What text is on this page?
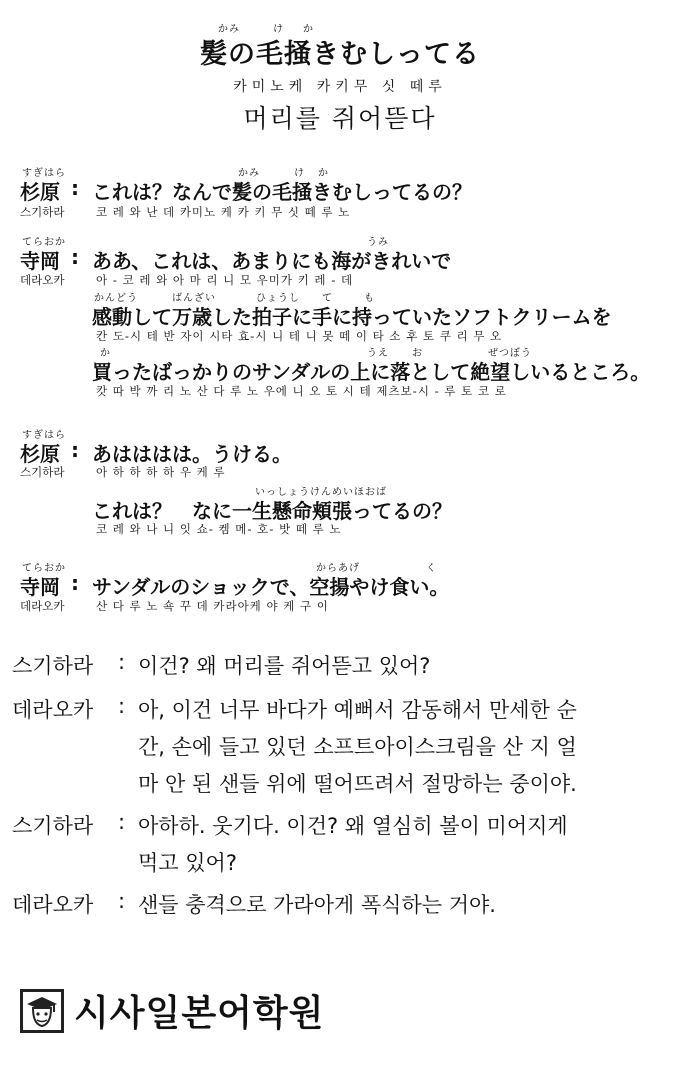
かみ	け か
髪の毛掻きむしってる
카미노케 카키무 싯 떼루
머리를 쥐어뜯다
すぎはら
杉原 :
스기하라
かみ	け か
これは？なんで髪の毛掻きむしってるの？
코 레 와 난 데 카미노 케 카 키 무 싯 떼 루 노
てらおか
寺岡 :
데라오카
うみ
ああ、これは、あまりにも海がきれいで
아 - 코 레 와 아 마 리 니 모 우미가 키 레 - 데
かんどう	ばんざい	ひょうし て	も
感動して万歳した拍子に手に持っていたソフトクリームを
칸 도-시 테 반 자이 시타 효-시 니 테 니 못 떼 이 타 소 후 토 쿠 리 무 오
か	うえ お	ぜつぼう
買ったばっかりのサンダルの上に落として絶望しいるところ。
캇 따 박 까 리 노 산 다 루 노 우에 니 오 토 시 테 제츠보-시 - 루 토 코 로
すぎはら
杉原 :
스기하라
あはははは。うける。
아 하 하 하 하 우 케 루
いっしょうけんめいほおば
これは？　なに一生懸命頬張ってるの？
코 레 와 나 니 잇 쇼- 켐 메- 호- 밧 떼 루 노
てらおか
寺岡 :
데라오카
からあげ	く
サンダルのショックで、空揚やけ食い。
산 다 루 노 쇽 꾸 데 카라아케 야 케 구 이
스기하라 : 이건? 왜 머리를 쥐어뜯고 있어?
데라오카 : 아, 이건 너무 바다가 예뻐서 감동해서 만세한 순
간, 손에 들고 있던 소프트아이스크림을 산 지 얼
마 안 된 샌들 위에 떨어뜨려서 절망하는 중이야.
스기하라 : 아하하. 웃기다. 이건? 왜 열심히 볼이 미어지게
먹고 있어?
데라오카 : 샌들 충격으로 가라아게 폭식하는 거야.
시사일본어학원
